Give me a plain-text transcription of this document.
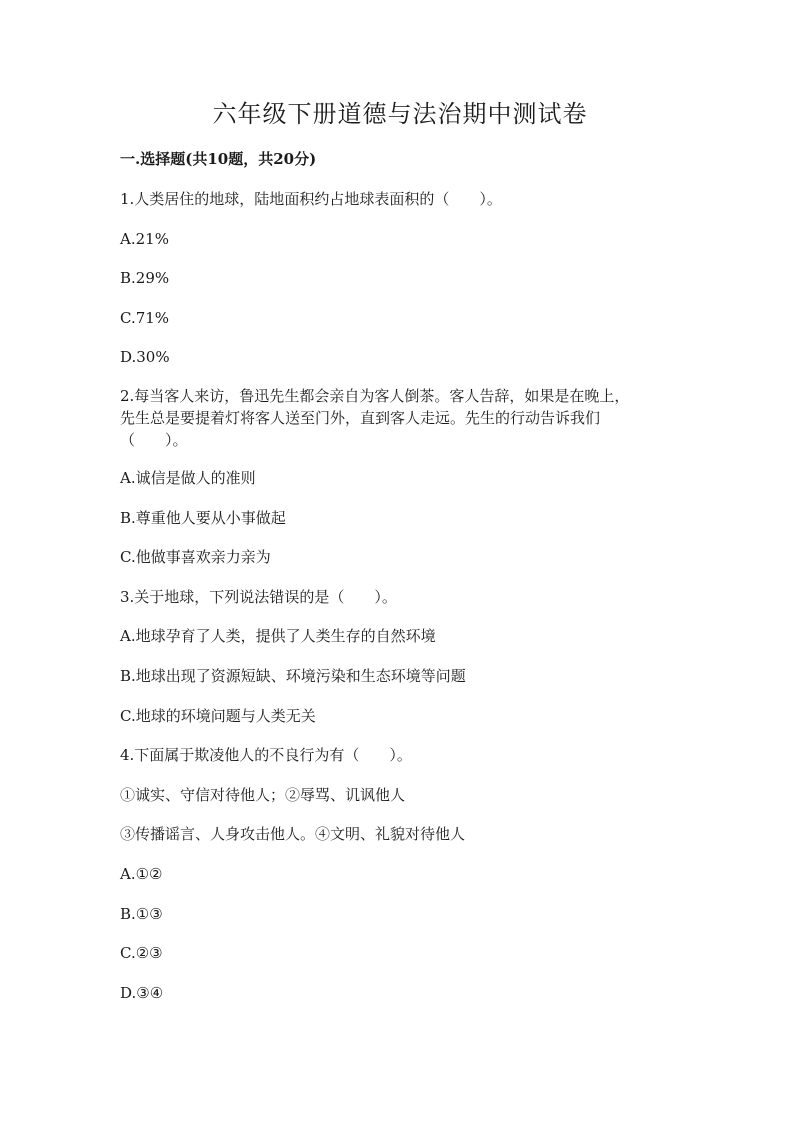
六年级下册道德与法治期中测试卷
一.选择题(共10题，共20分)
1.人类居住的地球，陆地面积约占地球表面积的（　　）。
A.21%
B.29%
C.71%
D.30%
2.每当客人来访，鲁迅先生都会亲自为客人倒茶。客人告辞，如果是在晚上，
先生总是要提着灯将客人送至门外，直到客人走远。先生的行动告诉我们
（　　）。
A.诚信是做人的准则
B.尊重他人要从小事做起
C.他做事喜欢亲力亲为
3.关于地球，下列说法错误的是（　　）。
A.地球孕育了人类，提供了人类生存的自然环境
B.地球出现了资源短缺、环境污染和生态环境等问题
C.地球的环境问题与人类无关
4.下面属于欺凌他人的不良行为有（　　）。
①诚实、守信对待他人；②辱骂、讥讽他人
③传播谣言、人身攻击他人。④文明、礼貌对待他人
A.①②
B.①③
C.②③
D.③④
